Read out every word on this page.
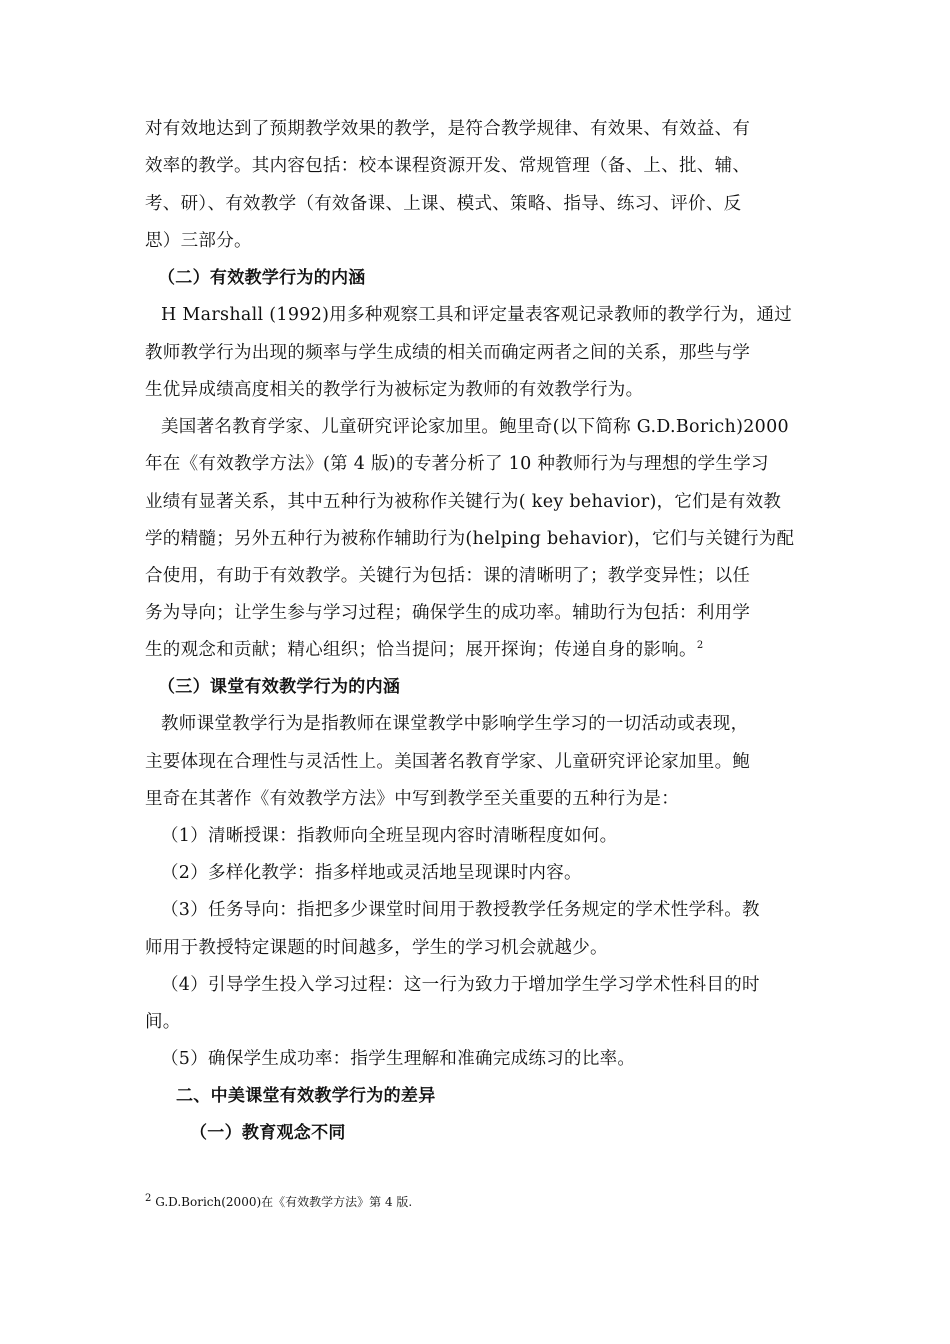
对有效地达到了预期教学效果的教学，是符合教学规律、有效果、有效益、有
效率的教学。其内容包括：校本课程资源开发、常规管理（备、上、批、辅、
考、研）、有效教学（有效备课、上课、模式、策略、指导、练习、评价、反
思）三部分。
（二）有效教学行为的内涵
H Marshall (1992)用多种观察工具和评定量表客观记录教师的教学行为，通过
教师教学行为出现的频率与学生成绩的相关而确定两者之间的关系，那些与学
生优异成绩高度相关的教学行为被标定为教师的有效教学行为。
美国著名教育学家、儿童研究评论家加里。鲍里奇(以下简称 G.D.Borich)2000
年在《有效教学方法》(第 4 版)的专著分析了 10 种教师行为与理想的学生学习
业绩有显著关系，其中五种行为被称作关键行为( key behavior)，它们是有效教
学的精髓；另外五种行为被称作辅助行为(helping behavior)，它们与关键行为配
合使用，有助于有效教学。关键行为包括：课的清晰明了；教学变异性；以任
务为导向；让学生参与学习过程；确保学生的成功率。辅助行为包括：利用学
生的观念和贡献；精心组织；恰当提问；展开探询；传递自身的影响。$^2$
（三）课堂有效教学行为的内涵
教师课堂教学行为是指教师在课堂教学中影响学生学习的一切活动或表现，
主要体现在合理性与灵活性上。美国著名教育学家、儿童研究评论家加里。鲍
里奇在其著作《有效教学方法》中写到教学至关重要的五种行为是：
（1）清晰授课：指教师向全班呈现内容时清晰程度如何。
（2）多样化教学：指多样地或灵活地呈现课时内容。
（3）任务导向：指把多少课堂时间用于教授教学任务规定的学术性学科。教
师用于教授特定课题的时间越多，学生的学习机会就越少。
（4）引导学生投入学习过程：这一行为致力于增加学生学习学术性科目的时
间。
（5）确保学生成功率：指学生理解和准确完成练习的比率。
二、中美课堂有效教学行为的差异
（一）教育观念不同
$^2$ G.D.Borich(2000)在《有效教学方法》第 4 版.
